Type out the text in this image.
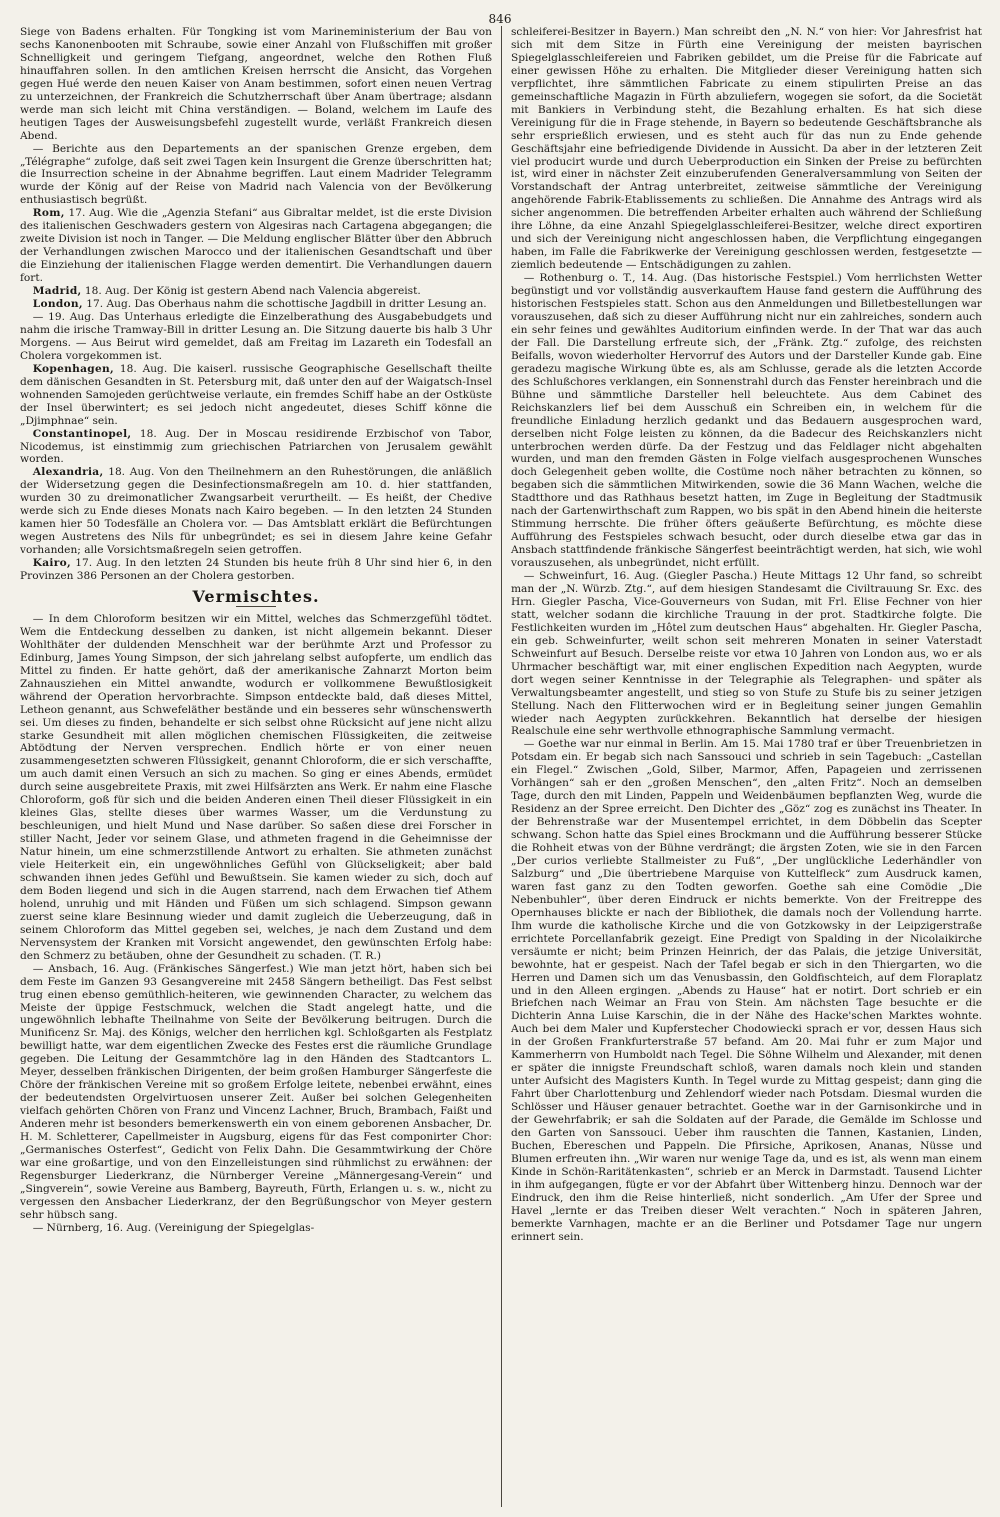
846

Siege von Badens erhalten. Für Tongking ist vom Marineministerium der Bau von sechs Kanonenbooten mit Schraube, sowie einer Anzahl von Flußschiffen mit großer Schnelligkeit und geringem Tiefgang, angeordnet, welche den Rothen Fluß hinauffahren sollen. In den amtlichen Kreisen herrscht die Ansicht, das Vorgehen gegen Hué werde den neuen Kaiser von Anam bestimmen, sofort einen neuen Vertrag zu unterzeichnen, der Frankreich die Schutzherrschaft über Anam übertrage; alsdann werde man sich leicht mit China verständigen. — Boland, welchem im Laufe des heutigen Tages der Ausweisungsbefehl zugestellt wurde, verläßt Frankreich diesen Abend.

— Berichte aus den Departements an der spanischen Grenze ergeben, dem „Télégraphe“ zufolge, daß seit zwei Tagen kein Insurgent die Grenze überschritten hat; die Insurrection scheine in der Abnahme begriffen. Laut einem Madrider Telegramm wurde der König auf der Reise von Madrid nach Valencia von der Bevölkerung enthusiastisch begrüßt.

Rom, 17. Aug. Wie die „Agenzia Stefani“ aus Gibraltar meldet, ist die erste Division des italienischen Geschwaders gestern von Algesiras nach Cartagena abgegangen; die zweite Division ist noch in Tanger. — Die Meldung englischer Blätter über den Abbruch der Verhandlungen zwischen Marocco und der italienischen Gesandtschaft und über die Einziehung der italienischen Flagge werden dementirt. Die Verhandlungen dauern fort.

Madrid, 18. Aug. Der König ist gestern Abend nach Valencia abgereist.

London, 17. Aug. Das Oberhaus nahm die schottische Jagdbill in dritter Lesung an.

— 19. Aug. Das Unterhaus erledigte die Einzelberathung des Ausgabebudgets und nahm die irische Tramway-Bill in dritter Lesung an. Die Sitzung dauerte bis halb 3 Uhr Morgens. — Aus Beirut wird gemeldet, daß am Freitag im Lazareth ein Todesfall an Cholera vorgekommen ist.

Kopenhagen, 18. Aug. Die kaiserl. russische Geographische Gesellschaft theilte dem dänischen Gesandten in St. Petersburg mit, daß unter den auf der Waigatsch-Insel wohnenden Samojeden gerüchtweise verlaute, ein fremdes Schiff habe an der Ostküste der Insel überwintert; es sei jedoch nicht angedeutet, dieses Schiff könne die „Djimphnae“ sein.

Constantinopel, 18. Aug. Der in Moscau residirende Erzbischof von Tabor, Nicodemus, ist einstimmig zum griechischen Patriarchen von Jerusalem gewählt worden.

Alexandria, 18. Aug. Von den Theilnehmern an den Ruhestörungen, die anläßlich der Widersetzung gegen die Desinfectionsmaßregeln am 10. d. hier stattfanden, wurden 30 zu dreimonatlicher Zwangsarbeit verurtheilt. — Es heißt, der Chedive werde sich zu Ende dieses Monats nach Kairo begeben. — In den letzten 24 Stunden kamen hier 50 Todesfälle an Cholera vor. — Das Amtsblatt erklärt die Befürchtungen wegen Austretens des Nils für unbegründet; es sei in diesem Jahre keine Gefahr vorhanden; alle Vorsichtsmaßregeln seien getroffen.

Kairo, 17. Aug. In den letzten 24 Stunden bis heute früh 8 Uhr sind hier 6, in den Provinzen 386 Personen an der Cholera gestorben.

Vermischtes.

— In dem Chloroform besitzen wir ein Mittel, welches das Schmerzgefühl tödtet. Wem die Entdeckung desselben zu danken, ist nicht allgemein bekannt. Dieser Wohlthäter der duldenden Menschheit war der berühmte Arzt und Professor zu Edinburg, James Young Simpson, der sich jahrelang selbst aufopferte, um endlich das Mittel zu finden. Er hatte gehört, daß der amerikanische Zahnarzt Morton beim Zahnausziehen ein Mittel anwandte, wodurch er vollkommene Bewußtlosigkeit während der Operation hervorbrachte. Simpson entdeckte bald, daß dieses Mittel, Letheon genannt, aus Schwefeläther bestände und ein besseres sehr wünschenswerth sei. Um dieses zu finden, behandelte er sich selbst ohne Rücksicht auf jene nicht allzu starke Gesundheit mit allen möglichen chemischen Flüssigkeiten, die zeitweise Abtödtung der Nerven versprechen. Endlich hörte er von einer neuen zusammengesetzten schweren Flüssigkeit, genannt Chloroform, die er sich verschaffte, um auch damit einen Versuch an sich zu machen. So ging er eines Abends, ermüdet durch seine ausgebreitete Praxis, mit zwei Hilfsärzten ans Werk. Er nahm eine Flasche Chloroform, goß für sich und die beiden Anderen einen Theil dieser Flüssigkeit in ein kleines Glas, stellte dieses über warmes Wasser, um die Verdunstung zu beschleunigen, und hielt Mund und Nase darüber. So saßen diese drei Forscher in stiller Nacht, Jeder vor seinem Glase, und athmeten fragend in die Geheimnisse der Natur hinein, um eine schmerzstillende Antwort zu erhalten. Sie athmeten zunächst viele Heiterkeit ein, ein ungewöhnliches Gefühl von Glückseligkeit; aber bald schwanden ihnen jedes Gefühl und Bewußtsein. Sie kamen wieder zu sich, doch auf dem Boden liegend und sich in die Augen starrend, nach dem Erwachen tief Athem holend, unruhig und mit Händen und Füßen um sich schlagend. Simpson gewann zuerst seine klare Besinnung wieder und damit zugleich die Ueberzeugung, daß in seinem Chloroform das Mittel gegeben sei, welches, je nach dem Zustand und dem Nervensystem der Kranken mit Vorsicht angewendet, den gewünschten Erfolg habe: den Schmerz zu betäuben, ohne der Gesundheit zu schaden. (T. R.)

— Ansbach, 16. Aug. (Fränkisches Sängerfest.) Wie man jetzt hört, haben sich bei dem Feste im Ganzen 93 Gesangvereine mit 2458 Sängern betheiligt. Das Fest selbst trug einen ebenso gemüthlich-heiteren, wie gewinnenden Character, zu welchem das Meiste der üppige Festschmuck, welchen die Stadt angelegt hatte, und die ungewöhnlich lebhafte Theilnahme von Seite der Bevölkerung beitrugen. Durch die Munificenz Sr. Maj. des Königs, welcher den herrlichen kgl. Schloßgarten als Festplatz bewilligt hatte, war dem eigentlichen Zwecke des Festes erst die räumliche Grundlage gegeben. Die Leitung der Gesammtchöre lag in den Händen des Stadtcantors L. Meyer, desselben fränkischen Dirigenten, der beim großen Hamburger Sängerfeste die Chöre der fränkischen Vereine mit so großem Erfolge leitete, nebenbei erwähnt, eines der bedeutendsten Orgelvirtuosen unserer Zeit. Außer bei solchen Gelegenheiten vielfach gehörten Chören von Franz und Vincenz Lachner, Bruch, Brambach, Faißt und Anderen mehr ist besonders bemerkenswerth ein von einem geborenen Ansbacher, Dr. H. M. Schletterer, Capellmeister in Augsburg, eigens für das Fest componirter Chor: „Germanisches Osterfest“, Gedicht von Felix Dahn. Die Gesammtwirkung der Chöre war eine großartige, und von den Einzelleistungen sind rühmlichst zu erwähnen: der Regensburger Liederkranz, die Nürnberger Vereine „Männergesang-Verein“ und „Singverein“, sowie Vereine aus Bamberg, Bayreuth, Fürth, Erlangen u. s. w., nicht zu vergessen den Ansbacher Liederkranz, der den Begrüßungschor von Meyer gestern sehr hübsch sang.

— Nürnberg, 16. Aug. (Vereinigung der Spiegelglas-

schleiferei-Besitzer in Bayern.) Man schreibt den „N. N.“ von hier: Vor Jahresfrist hat sich mit dem Sitze in Fürth eine Vereinigung der meisten bayrischen Spiegelglasschleifereien und Fabriken gebildet, um die Preise für die Fabricate auf einer gewissen Höhe zu erhalten. Die Mitglieder dieser Vereinigung hatten sich verpflichtet, ihre sämmtlichen Fabricate zu einem stipulirten Preise an das gemeinschaftliche Magazin in Fürth abzuliefern, wogegen sie sofort, da die Societät mit Bankiers in Verbindung steht, die Bezahlung erhalten. Es hat sich diese Vereinigung für die in Frage stehende, in Bayern so bedeutende Geschäftsbranche als sehr ersprießlich erwiesen, und es steht auch für das nun zu Ende gehende Geschäftsjahr eine befriedigende Dividende in Aussicht. Da aber in der letzteren Zeit viel producirt wurde und durch Ueberproduction ein Sinken der Preise zu befürchten ist, wird einer in nächster Zeit einzuberufenden Generalversammlung von Seiten der Vorstandschaft der Antrag unterbreitet, zeitweise sämmtliche der Vereinigung angehörende Fabrik-Etablissements zu schließen. Die Annahme des Antrags wird als sicher angenommen. Die betreffenden Arbeiter erhalten auch während der Schließung ihre Löhne, da eine Anzahl Spiegelglasschleiferei-Besitzer, welche direct exportiren und sich der Vereinigung nicht angeschlossen haben, die Verpflichtung eingegangen haben, im Falle die Fabrikwerke der Vereinigung geschlossen werden, festgesetzte — ziemlich bedeutende — Entschädigungen zu zahlen.

— Rothenburg o. T., 14. Aug. (Das historische Festspiel.) Vom herrlichsten Wetter begünstigt und vor vollständig ausverkauftem Hause fand gestern die Aufführung des historischen Festspieles statt. Schon aus den Anmeldungen und Billetbestellungen war vorauszusehen, daß sich zu dieser Aufführung nicht nur ein zahlreiches, sondern auch ein sehr feines und gewähltes Auditorium einfinden werde. In der That war das auch der Fall. Die Darstellung erfreute sich, der „Fränk. Ztg.“ zufolge, des reichsten Beifalls, wovon wiederholter Hervorruf des Autors und der Darsteller Kunde gab. Eine geradezu magische Wirkung übte es, als am Schlusse, gerade als die letzten Accorde des Schlußchores verklangen, ein Sonnenstrahl durch das Fenster hereinbrach und die Bühne und sämmtliche Darsteller hell beleuchtete. Aus dem Cabinet des Reichskanzlers lief bei dem Ausschuß ein Schreiben ein, in welchem für die freundliche Einladung herzlich gedankt und das Bedauern ausgesprochen ward, derselben nicht Folge leisten zu können, da die Badecur des Reichskanzlers nicht unterbrochen werden dürfe. Da der Festzug und das Feldlager nicht abgehalten wurden, und man den fremden Gästen in Folge vielfach ausgesprochenen Wunsches doch Gelegenheit geben wollte, die Costüme noch näher betrachten zu können, so begaben sich die sämmtlichen Mitwirkenden, sowie die 36 Mann Wachen, welche die Stadtthore und das Rathhaus besetzt hatten, im Zuge in Begleitung der Stadtmusik nach der Gartenwirthschaft zum Rappen, wo bis spät in den Abend hinein die heiterste Stimmung herrschte. Die früher öfters geäußerte Befürchtung, es möchte diese Aufführung des Festspieles schwach besucht, oder durch dieselbe etwa gar das in Ansbach stattfindende fränkische Sängerfest beeinträchtigt werden, hat sich, wie wohl vorauszusehen, als unbegründet, nicht erfüllt.

— Schweinfurt, 16. Aug. (Giegler Pascha.) Heute Mittags 12 Uhr fand, so schreibt man der „N. Würzb. Ztg.“, auf dem hiesigen Standesamt die Civiltrauung Sr. Exc. des Hrn. Giegler Pascha, Vice-Gouverneurs von Sudan, mit Frl. Elise Fechner von hier statt, welcher sodann die kirchliche Trauung in der prot. Stadtkirche folgte. Die Festlichkeiten wurden im „Hôtel zum deutschen Haus“ abgehalten. Hr. Giegler Pascha, ein geb. Schweinfurter, weilt schon seit mehreren Monaten in seiner Vaterstadt Schweinfurt auf Besuch. Derselbe reiste vor etwa 10 Jahren von London aus, wo er als Uhrmacher beschäftigt war, mit einer englischen Expedition nach Aegypten, wurde dort wegen seiner Kenntnisse in der Telegraphie als Telegraphen- und später als Verwaltungsbeamter angestellt, und stieg so von Stufe zu Stufe bis zu seiner jetzigen Stellung. Nach den Flitterwochen wird er in Begleitung seiner jungen Gemahlin wieder nach Aegypten zurückkehren. Bekanntlich hat derselbe der hiesigen Realschule eine sehr werthvolle ethnographische Sammlung vermacht.

— Goethe war nur einmal in Berlin. Am 15. Mai 1780 traf er über Treuenbrietzen in Potsdam ein. Er begab sich nach Sanssouci und schrieb in sein Tagebuch: „Castellan ein Flegel.“ Zwischen „Gold, Silber, Marmor, Affen, Papageien und zerrissenen Vorhängen“ sah er den „großen Menschen“, den „alten Fritz“. Noch an demselben Tage, durch den mit Linden, Pappeln und Weidenbäumen bepflanzten Weg, wurde die Residenz an der Spree erreicht. Den Dichter des „Göz“ zog es zunächst ins Theater. In der Behrenstraße war der Musentempel errichtet, in dem Döbbelin das Scepter schwang. Schon hatte das Spiel eines Brockmann und die Aufführung besserer Stücke die Rohheit etwas von der Bühne verdrängt; die ärgsten Zoten, wie sie in den Farcen „Der curios verliebte Stallmeister zu Fuß“, „Der unglückliche Lederhändler von Salzburg“ und „Die übertriebene Marquise von Kuttelfleck“ zum Ausdruck kamen, waren fast ganz zu den Todten geworfen. Goethe sah eine Comödie „Die Nebenbuhler“, über deren Eindruck er nichts bemerkte. Von der Freitreppe des Opernhauses blickte er nach der Bibliothek, die damals noch der Vollendung harrte. Ihm wurde die katholische Kirche und die von Gotzkowsky in der Leipzigerstraße errichtete Porcellanfabrik gezeigt. Eine Predigt von Spalding in der Nicolaikirche versäumte er nicht; beim Prinzen Heinrich, der das Palais, die jetzige Universität, bewohnte, hat er gespeist. Nach der Tafel begab er sich in den Thiergarten, wo die Herren und Damen sich um das Venusbassin, den Goldfischteich, auf dem Floraplatz und in den Alleen ergingen. „Abends zu Hause“ hat er notirt. Dort schrieb er ein Briefchen nach Weimar an Frau von Stein. Am nächsten Tage besuchte er die Dichterin Anna Luise Karschin, die in der Nähe des Hacke'schen Marktes wohnte. Auch bei dem Maler und Kupferstecher Chodowiecki sprach er vor, dessen Haus sich in der Großen Frankfurterstraße 57 befand. Am 20. Mai fuhr er zum Major und Kammerherrn von Humboldt nach Tegel. Die Söhne Wilhelm und Alexander, mit denen er später die innigste Freundschaft schloß, waren damals noch klein und standen unter Aufsicht des Magisters Kunth. In Tegel wurde zu Mittag gespeist; dann ging die Fahrt über Charlottenburg und Zehlendorf wieder nach Potsdam. Diesmal wurden die Schlösser und Häuser genauer betrachtet. Goethe war in der Garnisonkirche und in der Gewehrfabrik; er sah die Soldaten auf der Parade, die Gemälde im Schlosse und den Garten von Sanssouci. Ueber ihm rauschten die Tannen, Kastanien, Linden, Buchen, Ebereschen und Pappeln. Die Pfirsiche, Aprikosen, Ananas, Nüsse und Blumen erfreuten ihn. „Wir waren nur wenige Tage da, und es ist, als wenn man einem Kinde in Schön-Raritätenkasten“, schrieb er an Merck in Darmstadt. Tausend Lichter in ihm aufgegangen, fügte er vor der Abfahrt über Wittenberg hinzu. Dennoch war der Eindruck, den ihm die Reise hinterließ, nicht sonderlich. „Am Ufer der Spree und Havel „lernte er das Treiben dieser Welt verachten.“ Noch in späteren Jahren, bemerkte Varnhagen, machte er an die Berliner und Potsdamer Tage nur ungern erinnert sein.
